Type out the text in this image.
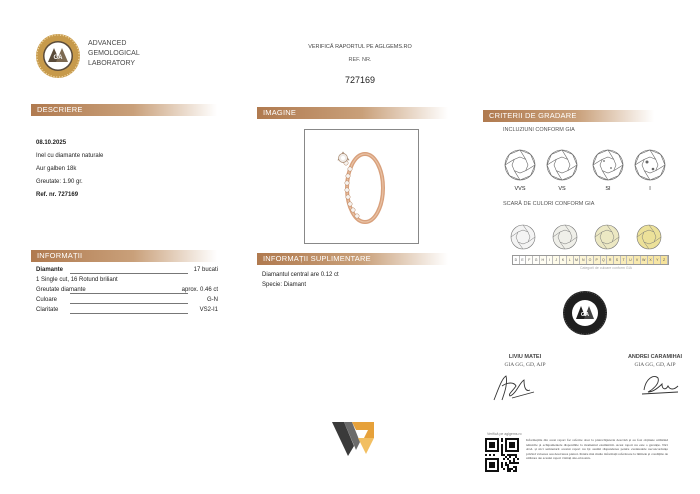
GA
ADVANCED
GEMOLOGICAL
LABORATORY
VERIFICĂ RAPORTUL PE AGLGEMS.RO
REF. NR.
727169
DESCRIERE
08.10.2025
Inel cu diamante naturale
Aur galben 18k
Greutate: 1.90 gr.
Ref. nr. 727169
IMAGINE	CRITERII DE GRADARE
INCLUZIUNI CONFORM GIA
VVS	VS	SI	I
SCARĂ DE CULORI CONFORM GIA
D	E	F	G	H	I	J	K	L	M	N	O	P	Q	R	S	T	U	V	W	X	Y	Z
Categorii de culoare conform GIA
INFORMAȚII
Diamante	17 bucati
1 Single cut, 16 Rotund briliant
Greutate diamante	aprox. 0.46 ct
Culoare	G-N
Claritate	VS2-I1
INFORMAȚII SUPLIMENTARE
Diamantul central are 0.12 ct
Specie: Diamant
GA
LIVIU MATEI
GIA GG, GD, AJP
ANDREI CARAMIHAI
GIA GG, GD, AJP
Verifică pe aglgems.ro
Informațiile din acest raport fac referire doar la piatra/bijuteria descrisă și au fost obținute utilizând tehnicile și echipamentele disponibile la momentul examinării. Acest raport nu este o garanție. Nici AGL și nici semnatarii acestui raport nu își asumă răspunderea pentru eventualele neconcordanțe privind valoarea sau descrierea pietrei. Pentru mai multe informații referitoare la limitele și condițiile de utilizare ale acestui raport vizitați site-ul nostru.
